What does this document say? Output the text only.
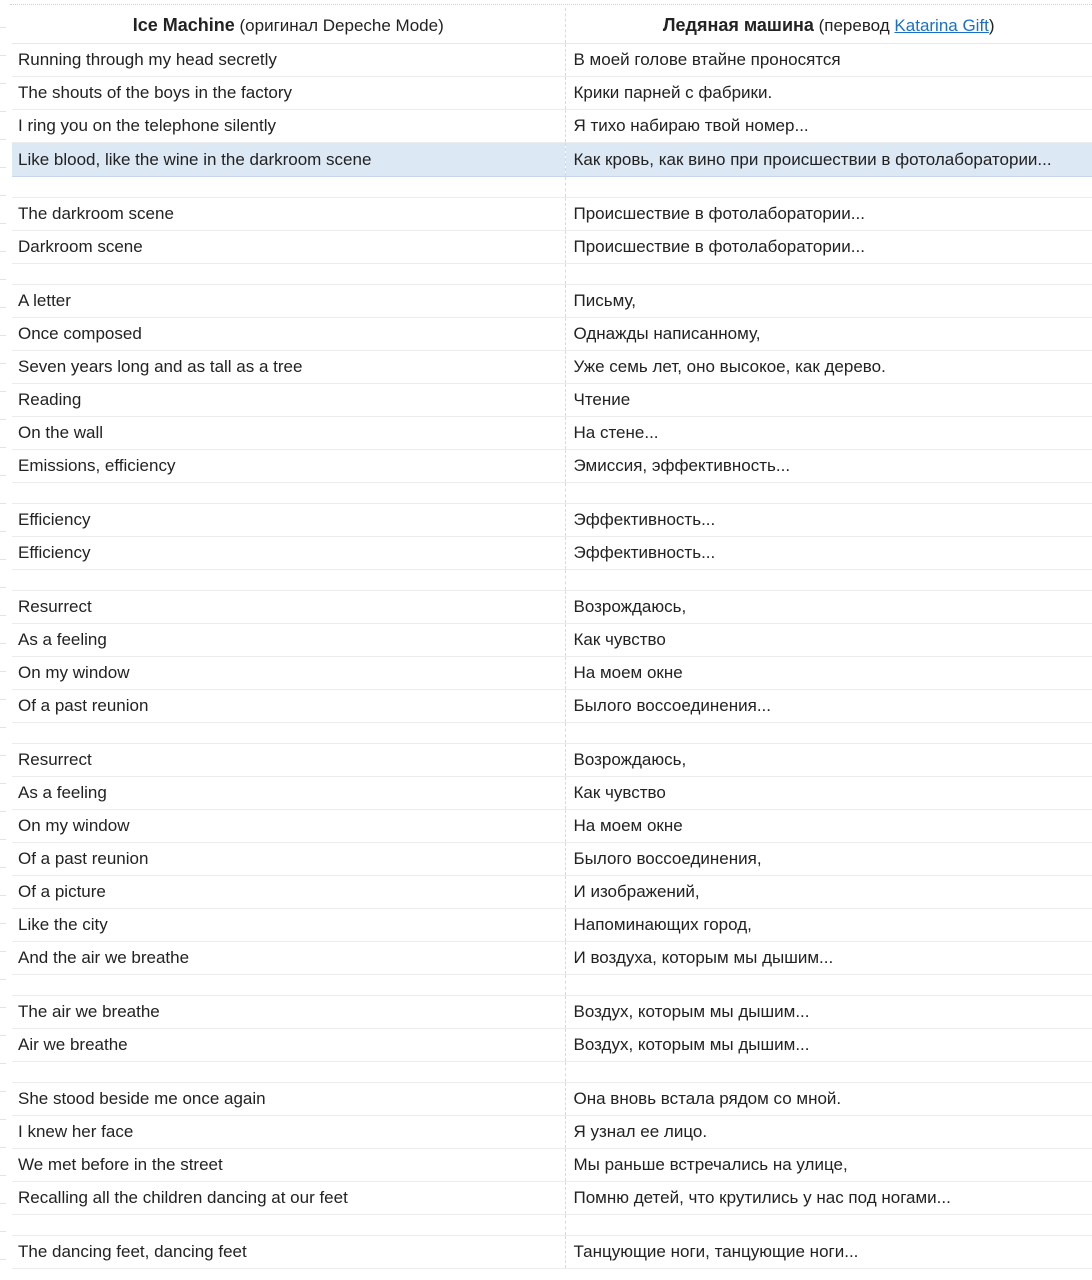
Ice Machine (оригинал Depeche Mode)	Ледяная машина (перевод Katarina Gift)
Running through my head secretly	В моей голове втайне проносятся
The shouts of the boys in the factory	Крики парней с фабрики.
I ring you on the telephone silently	Я тихо набираю твой номер...
Like blood, like the wine in the darkroom scene	Как кровь, как вино при происшествии в фотолаборатории...

The darkroom scene	Происшествие в фотолаборатории...
Darkroom scene	Происшествие в фотолаборатории...

A letter	Письму,
Once composed	Однажды написанному,
Seven years long and as tall as a tree	Уже семь лет, оно высокое, как дерево.
Reading	Чтение
On the wall	На стене...
Emissions, efficiency	Эмиссия, эффективность...

Efficiency	Эффективность...
Efficiency	Эффективность...

Resurrect	Возрождаюсь,
As a feeling	Как чувство
On my window	На моем окне
Of a past reunion	Былого воссоединения...

Resurrect	Возрождаюсь,
As a feeling	Как чувство
On my window	На моем окне
Of a past reunion	Былого воссоединения,
Of a picture	И изображений,
Like the city	Напоминающих город,
And the air we breathe	И воздуха, которым мы дышим...

The air we breathe	Воздух, которым мы дышим...
Air we breathe	Воздух, которым мы дышим...

She stood beside me once again	Она вновь встала рядом со мной.
I knew her face	Я узнал ее лицо.
We met before in the street	Мы раньше встречались на улице,
Recalling all the children dancing at our feet	Помню детей, что крутились у нас под ногами...

The dancing feet, dancing feet	Танцующие ноги, танцующие ноги...
